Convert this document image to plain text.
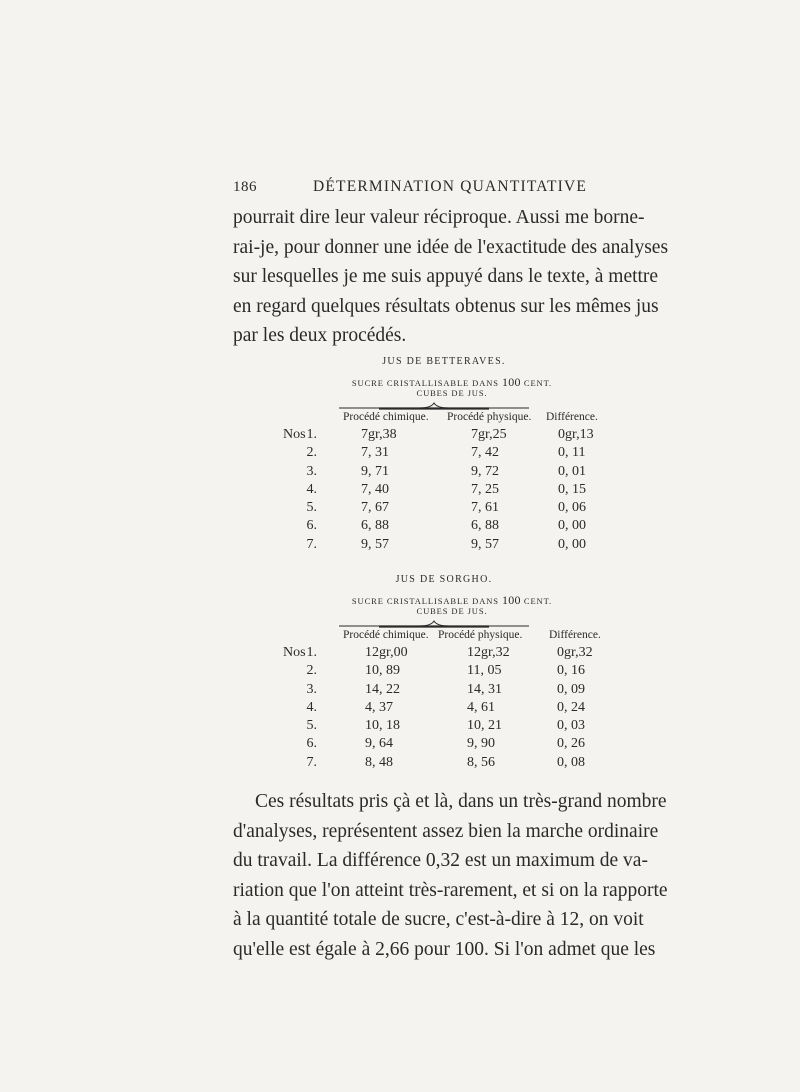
186	DÉTERMINATION QUANTITATIVE
pourrait dire leur valeur réciproque. Aussi me borne-
rai-je, pour donner une idée de l'exactitude des analyses
sur lesquelles je me suis appuyé dans le texte, à mettre
en regard quelques résultats obtenus sur les mêmes jus
par les deux procédés.
JUS DE BETTERAVES.
SUCRE CRISTALLISABLE DANS 100 CENT.
CUBES DE JUS.
Procédé chimique. Procédé physique. Différence.
Nos 1.	7gr,38	7gr,25	0gr,13
2.	7, 31	7, 42	0, 11
3.	9, 71	9, 72	0, 01
4.	7, 40	7, 25	0, 15
5.	7, 67	7, 61	0, 06
6.	6, 88	6, 88	0, 00
7.	9, 57	9, 57	0, 00
JUS DE SORGHO.
SUCRE CRISTALLISABLE DANS 100 CENT.
CUBES DE JUS.
Procédé chimique. Procédé physique. Différence.
Nos 1.	12gr,00	12gr,32	0gr,32
2.	10, 89	11, 05	0, 16
3.	14, 22	14, 31	0, 09
4.	4, 37	4, 61	0, 24
5.	10, 18	10, 21	0, 03
6.	9, 64	9, 90	0, 26
7.	8, 48	8, 56	0, 08
Ces résultats pris çà et là, dans un très-grand nombre
d'analyses, représentent assez bien la marche ordinaire
du travail. La différence 0,32 est un maximum de va-
riation que l'on atteint très-rarement, et si on la rapporte
à la quantité totale de sucre, c'est-à-dire à 12, on voit
qu'elle est égale à 2,66 pour 100. Si l'on admet que les
